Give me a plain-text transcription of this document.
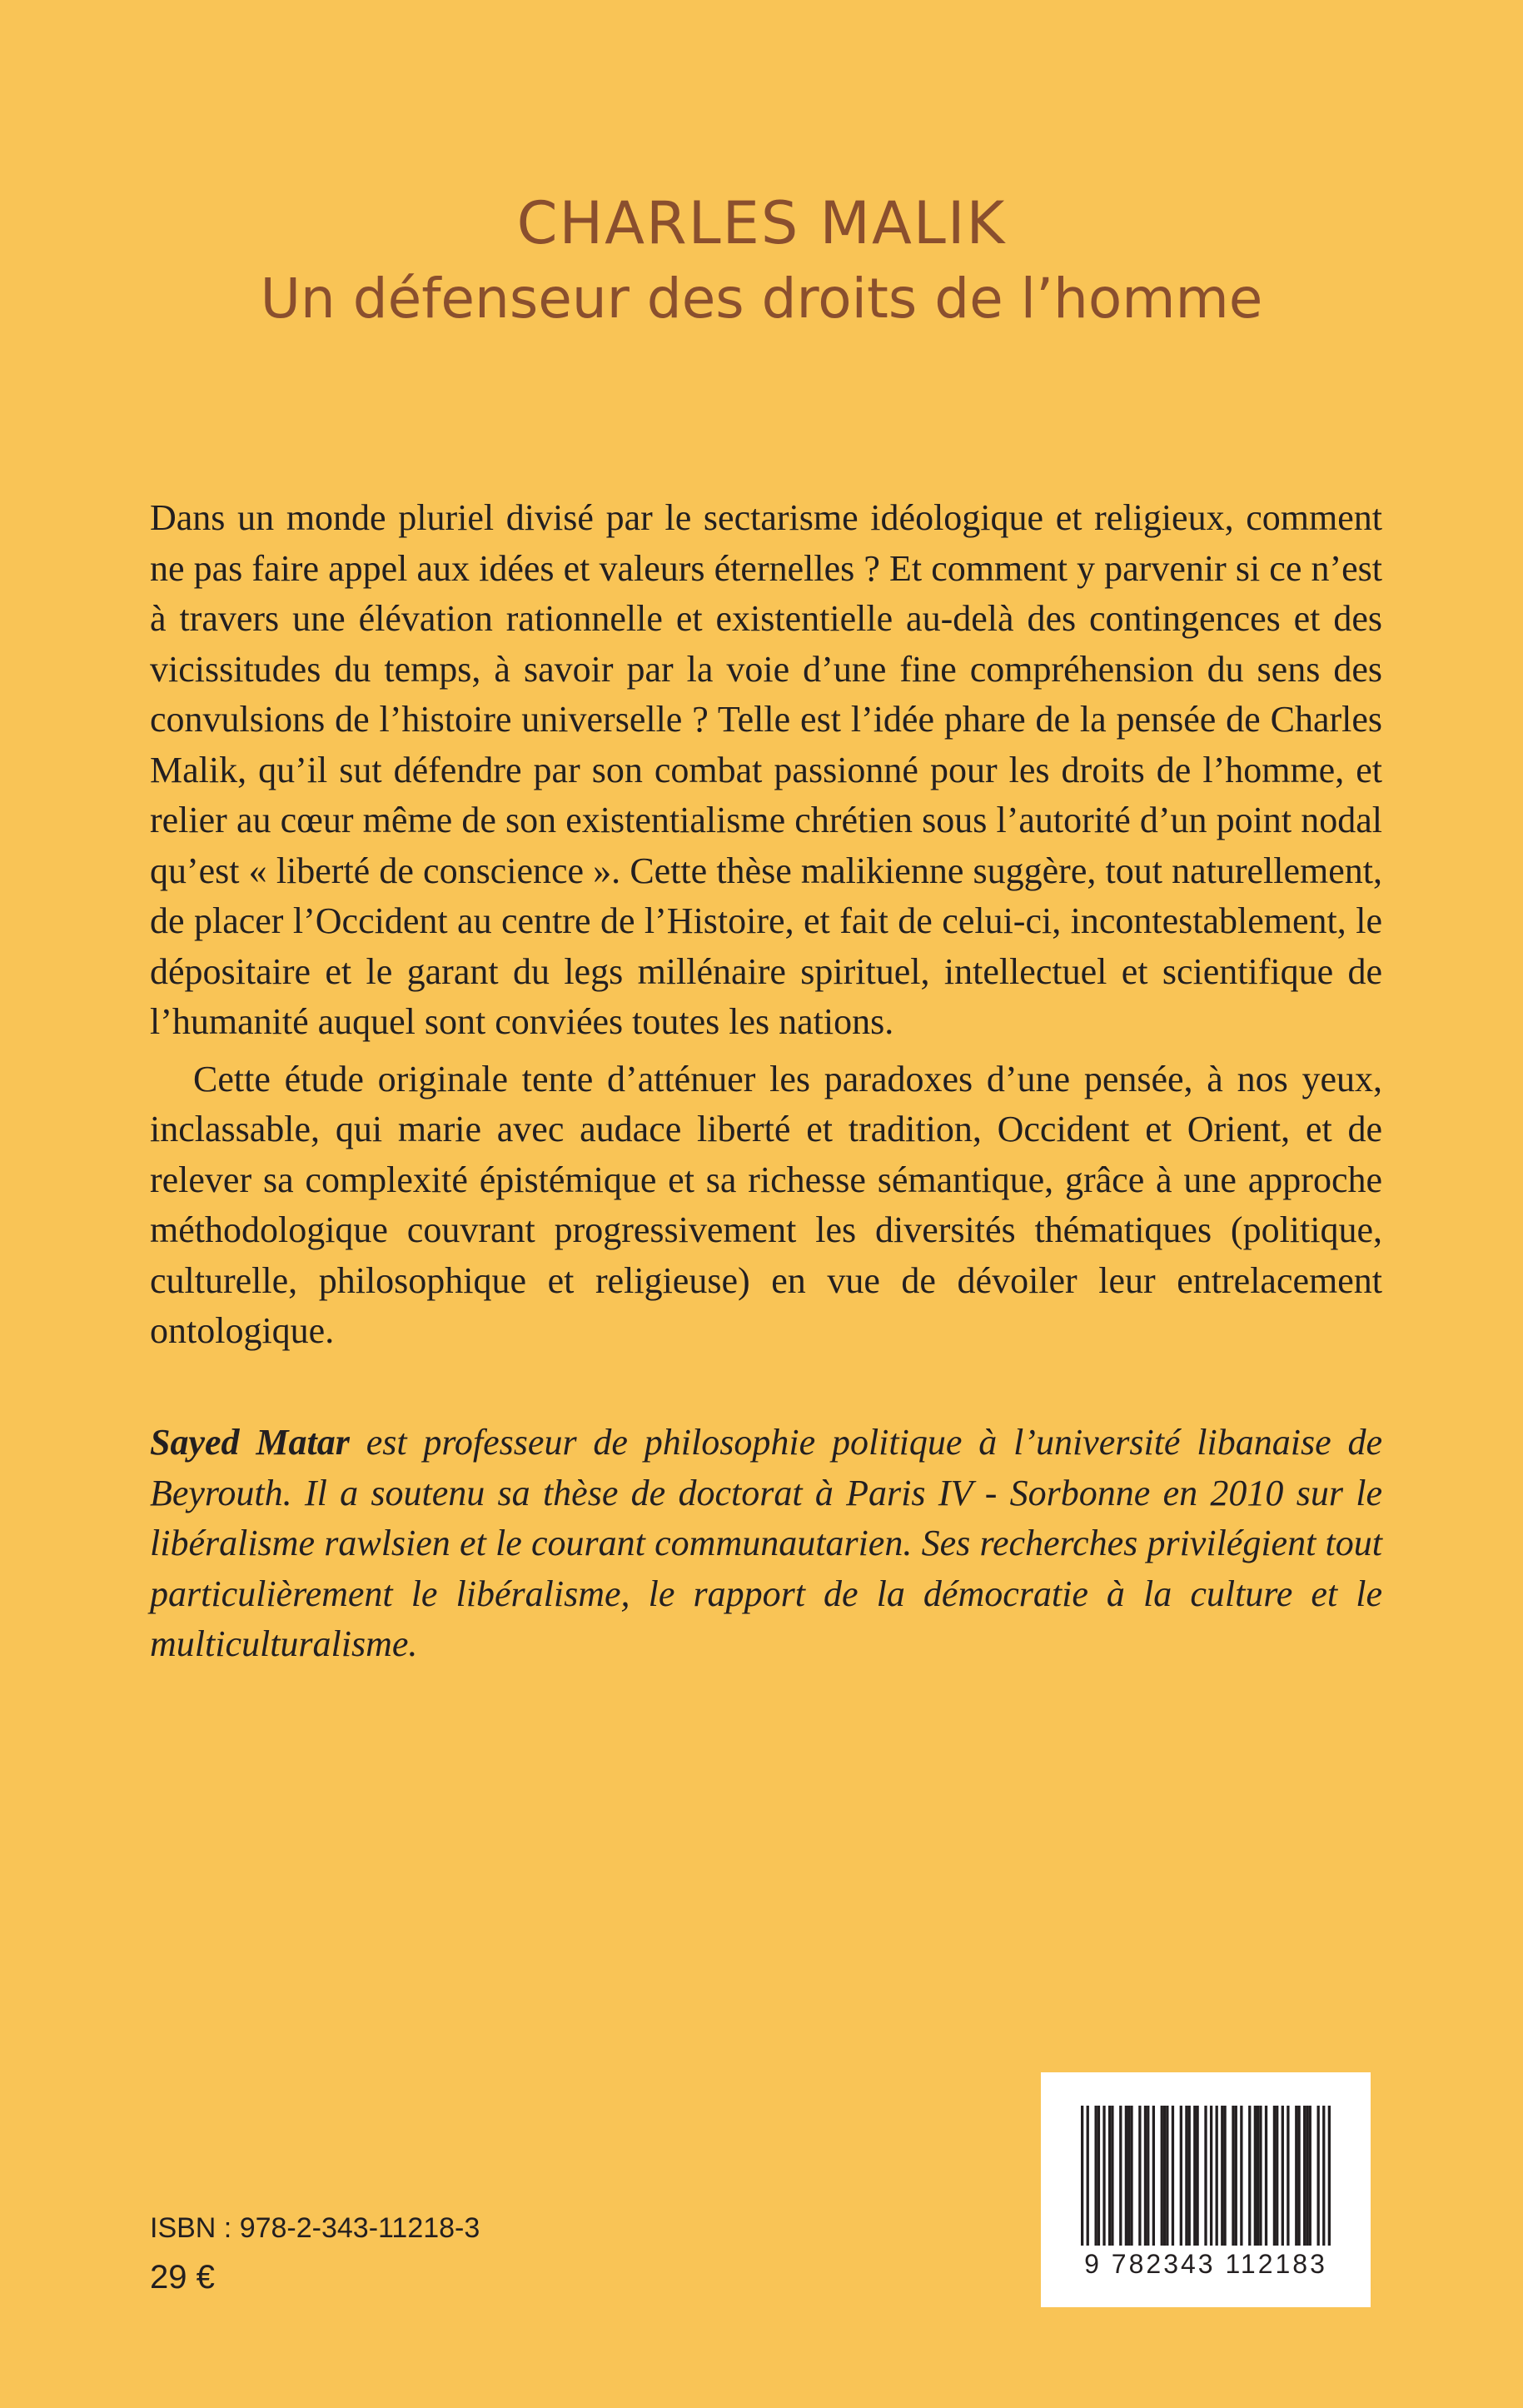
CHARLES MALIK
Un défenseur des droits de l’homme

Dans un monde pluriel divisé par le sectarisme idéologique et religieux, comment ne pas faire appel aux idées et valeurs éternelles ? Et comment y parvenir si ce n’est à travers une élévation rationnelle et existentielle au-delà des contingences et des vicissitudes du temps, à savoir par la voie d’une fine compréhension du sens des convulsions de l’histoire universelle ? Telle est l’idée phare de la pensée de Charles Malik, qu’il sut défendre par son combat passionné pour les droits de l’homme, et relier au cœur même de son existentialisme chrétien sous l’autorité d’un point nodal qu’est « liberté de conscience ». Cette thèse malikienne suggère, tout naturellement, de placer l’Occident au centre de l’Histoire, et fait de celui-ci, incontestablement, le dépositaire et le garant du legs millénaire spirituel, intellectuel et scientifique de l’humanité auquel sont conviées toutes les nations.

Cette étude originale tente d’atténuer les paradoxes d’une pensée, à nos yeux, inclassable, qui marie avec audace liberté et tradition, Occident et Orient, et de relever sa complexité épistémique et sa richesse sémantique, grâce à une approche méthodologique couvrant progressivement les diversités thématiques (politique, culturelle, philosophique et religieuse) en vue de dévoiler leur entrelacement ontologique.

Sayed Matar est professeur de philosophie politique à l’université libanaise de Beyrouth. Il a soutenu sa thèse de doctorat à Paris IV - Sorbonne en 2010 sur le libéralisme rawlsien et le courant communautarien. Ses recherches privilégient tout particulièrement le libéralisme, le rapport de la démocratie à la culture et le multiculturalisme.
ISBN : 978-2-343-11218-3
29 €	9 782343 112183
